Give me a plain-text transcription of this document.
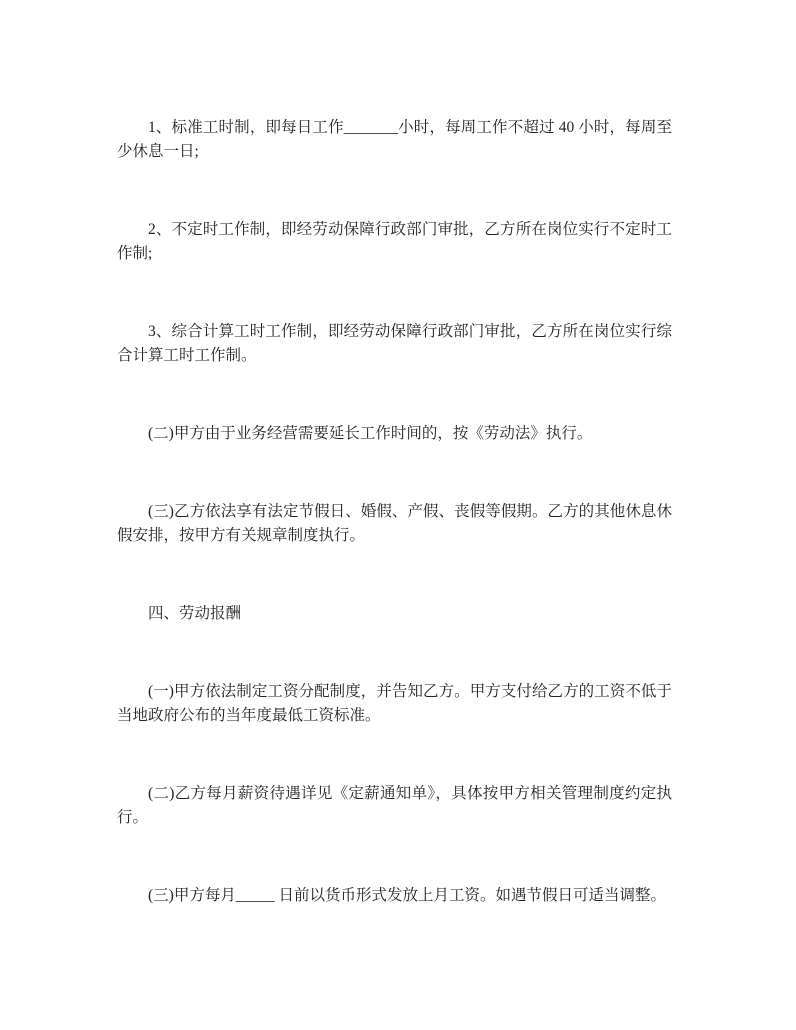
1、标准工时制，即每日工作_______小时，每周工作不超过 40 小时，每周至少休息一日;

2、不定时工作制，即经劳动保障行政部门审批，乙方所在岗位实行不定时工作制;

3、综合计算工时工作制，即经劳动保障行政部门审批，乙方所在岗位实行综合计算工时工作制。

(二)甲方由于业务经营需要延长工作时间的，按《劳动法》执行。

(三)乙方依法享有法定节假日、婚假、产假、丧假等假期。乙方的其他休息休假安排，按甲方有关规章制度执行。

四、劳动报酬

(一)甲方依法制定工资分配制度，并告知乙方。甲方支付给乙方的工资不低于当地政府公布的当年度最低工资标准。

(二)乙方每月薪资待遇详见《定薪通知单》，具体按甲方相关管理制度约定执行。

(三)甲方每月_____ 日前以货币形式发放上月工资。如遇节假日可适当调整。
